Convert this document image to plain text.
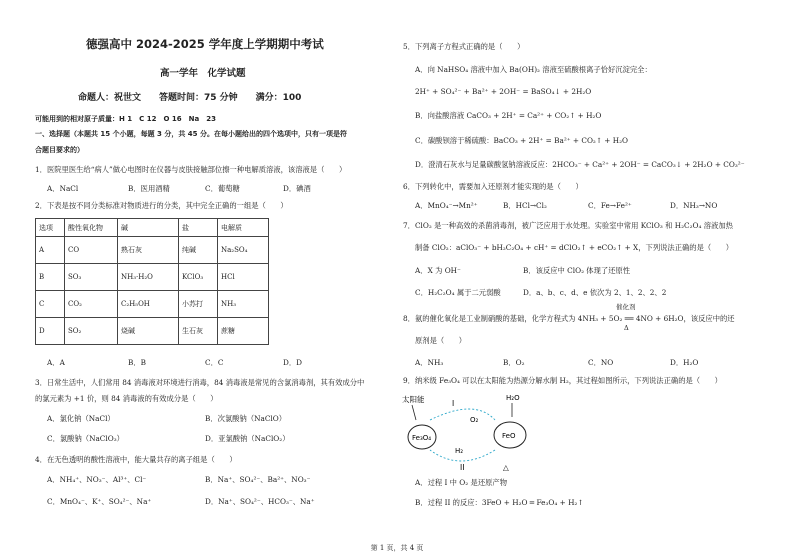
德强高中 2024-2025 学年度上学期期中考试
高一学年　化学试题
命题人：祝世文　　答题时间：75 分钟　　满分：100
可能用到的相对原子质量：H 1　C 12　O 16　Na　23
一、选择题（本题共 15 个小题，每题 3 分，共 45 分。在每小题给出的四个选项中，只有一项是符
合题目要求的）
1．医院里医生给“病人”做心电图时在仪器与皮肤接触部位擦一种电解质溶液，该溶液是（　　）
A．NaCl	B．医用酒精	C．葡萄糖	D．碘酒
2．下表是按不同分类标准对物质进行的分类，其中完全正确的一组是（　　）
选项	酸性氧化物	碱	盐	电解质
A	CO	熟石灰	纯碱	Na₂SO₄
B	SO₃	NH₃·H₂O	KClO₃	HCl
C	CO₂	C₂H₅OH	小苏打	NH₃
D	SO₂	烧碱	生石灰	蔗糖
A．A	B．B	C．C	D．D
3．日常生活中，人们常用 84 消毒液对环境进行消毒，84 消毒液是常见的含氯消毒剂，其有效成分中
的氯元素为 +1 价，则 84 消毒液的有效成分是（　　）
A．氯化钠（NaCl）	B．次氯酸钠（NaClO）
C．氯酸钠（NaClO₃）	D．亚氯酸钠（NaClO₂）
4．在无色透明的酸性溶液中，能大量共存的离子组是（　　）
A．NH₄⁺、NO₃⁻、Al³⁺、Cl⁻	B．Na⁺、SO₄²⁻、Ba²⁺、NO₃⁻
C．MnO₄⁻、K⁺、SO₄²⁻、Na⁺	D．Na⁺、SO₄²⁻、HCO₃⁻、Na⁺
5．下列离子方程式正确的是（　　）
A．向 NaHSO₄ 溶液中加入 Ba(OH)₂ 溶液至硫酸根离子恰好沉淀完全：
2H⁺ + SO₄²⁻ + Ba²⁺ + 2OH⁻ = BaSO₄↓ + 2H₂O
B．向盐酸溶液 CaCO₃ + 2H⁺ = Ca²⁺ + CO₂↑ + H₂O
C．碳酸钡溶于稀硫酸：BaCO₃ + 2H⁺ = Ba²⁺ + CO₂↑ + H₂O
D．澄清石灰水与足量碳酸氢钠溶液反应：2HCO₃⁻ + Ca²⁺ + 2OH⁻ = CaCO₃↓ + 2H₂O + CO₃²⁻
6．下列转化中，需要加入还原剂才能实现的是（　　）
A．MnO₄⁻→Mn²⁺	B．HCl→Cl₂	C．Fe→Fe²⁺	D．NH₃→NO
7．ClO₂ 是一种高效的杀菌消毒剂，被广泛应用于水处理。实验室中常用 KClO₃ 和 H₂C₂O₄ 溶液加热
制备 ClO₂：aClO₃⁻ + bH₂C₂O₄ + cH⁺ = dClO₂↑ + eCO₂↑ + X，下列说法正确的是（　　）
A．X 为 OH⁻	B．该反应中 ClO₂ 体现了还原性
C．H₂C₂O₄ 属于二元弱酸	D．a、b、c、d、e 依次为 2、1、2、2、2
催化剂
8．氨的催化氧化是工业制硝酸的基础，化学方程式为 4NH₃ + 5O₂ ══ 4NO + 6H₂O，该反应中的还
Δ
原剂是（　　）
A．NH₃	B．O₂	C．NO	D．H₂O
9．纳米级 Fe₃O₄ 可以在太阳能为热源分解水制 H₂，其过程如图所示，下列说法正确的是（　　）
A．过程 I 中 O₂ 是还原产物
B．过程 II 的反应：3FeO + H₂O ═ Fe₃O₄ + H₂↑
太阳能	I
O₂
H₂O
Fe₃O₄	FeO
H₂
II	△
第 1 页，共 4 页
